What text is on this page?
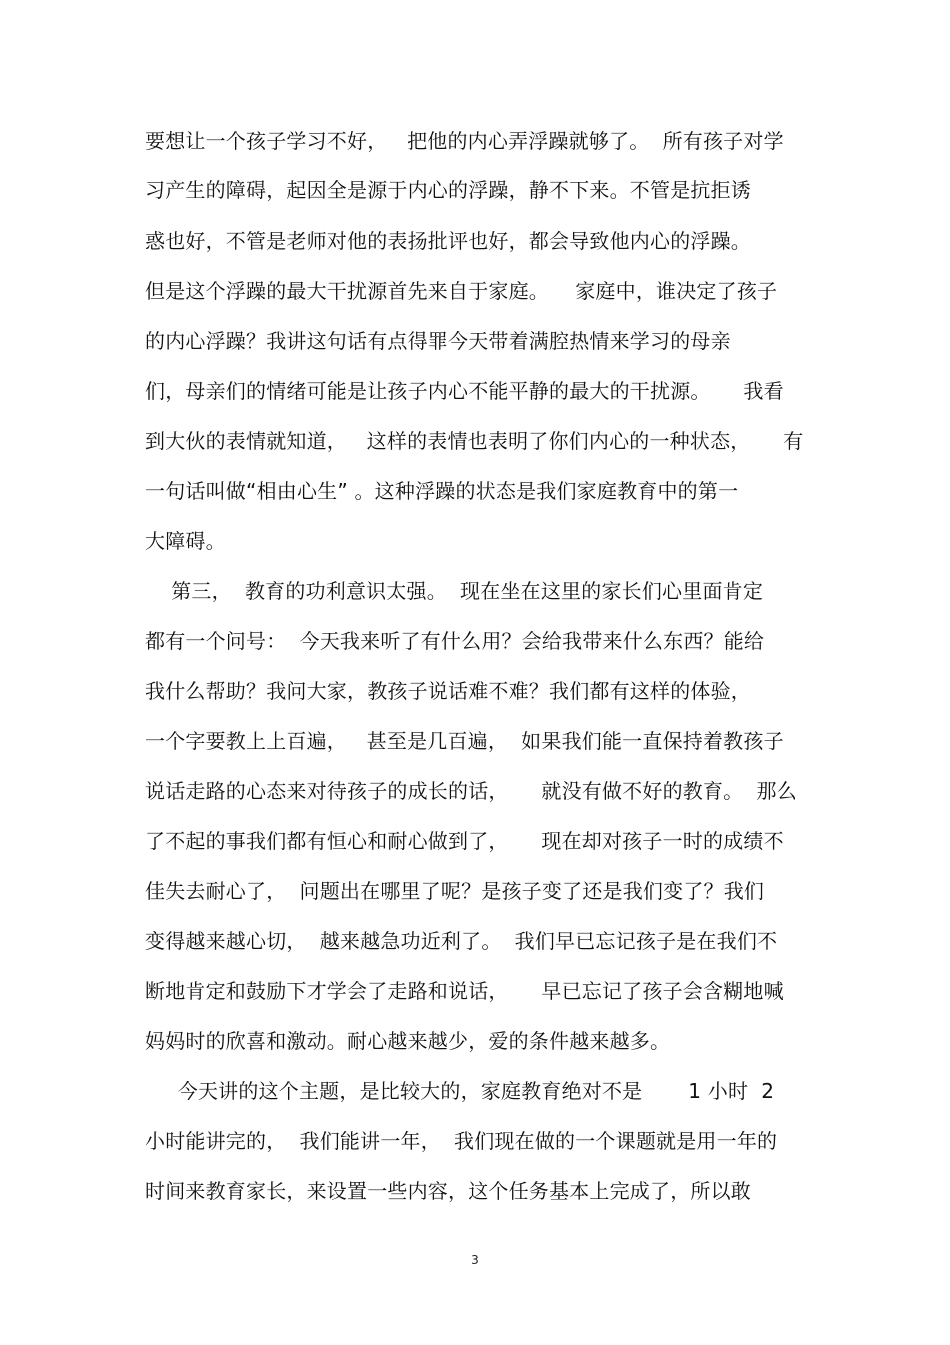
要想让一个孩子学习不好，   把他的内心弄浮躁就够了。  所有孩子对学
习产生的障碍，起因全是源于内心的浮躁，静不下来。不管是抗拒诱
惑也好，不管是老师对他的表扬批评也好，都会导致他内心的浮躁。
但是这个浮躁的最大干扰源首先来自于家庭。    家庭中，谁决定了孩子
的内心浮躁？我讲这句话有点得罪今天带着满腔热情来学习的母亲
们，母亲们的情绪可能是让孩子内心不能平静的最大的干扰源。     我看
到大伙的表情就知道，   这样的表情也表明了你们内心的一种状态，     有
一句话叫做“相由心生” 。这种浮躁的状态是我们家庭教育中的第一
大障碍。
第三，  教育的功利意识太强。  现在坐在这里的家长们心里面肯定
都有一个问号：  今天我来听了有什么用？会给我带来什么东西？能给
我什么帮助？我问大家，教孩子说话难不难？我们都有这样的体验，
一个字要教上上百遍，   甚至是几百遍，  如果我们能一直保持着教孩子
说话走路的心态来对待孩子的成长的话，     就没有做不好的教育。  那么
了不起的事我们都有恒心和耐心做到了，     现在却对孩子一时的成绩不
佳失去耐心了，  问题出在哪里了呢？是孩子变了还是我们变了？我们
变得越来越心切，  越来越急功近利了。  我们早已忘记孩子是在我们不
断地肯定和鼓励下才学会了走路和说话，     早已忘记了孩子会含糊地喊
妈妈时的欣喜和激动。耐心越来越少，爱的条件越来越多。
今天讲的这个主题，是比较大的，家庭教育绝对不是       1 小时  2
小时能讲完的，  我们能讲一年，  我们现在做的一个课题就是用一年的
时间来教育家长，来设置一些内容，这个任务基本上完成了，所以敢
3
